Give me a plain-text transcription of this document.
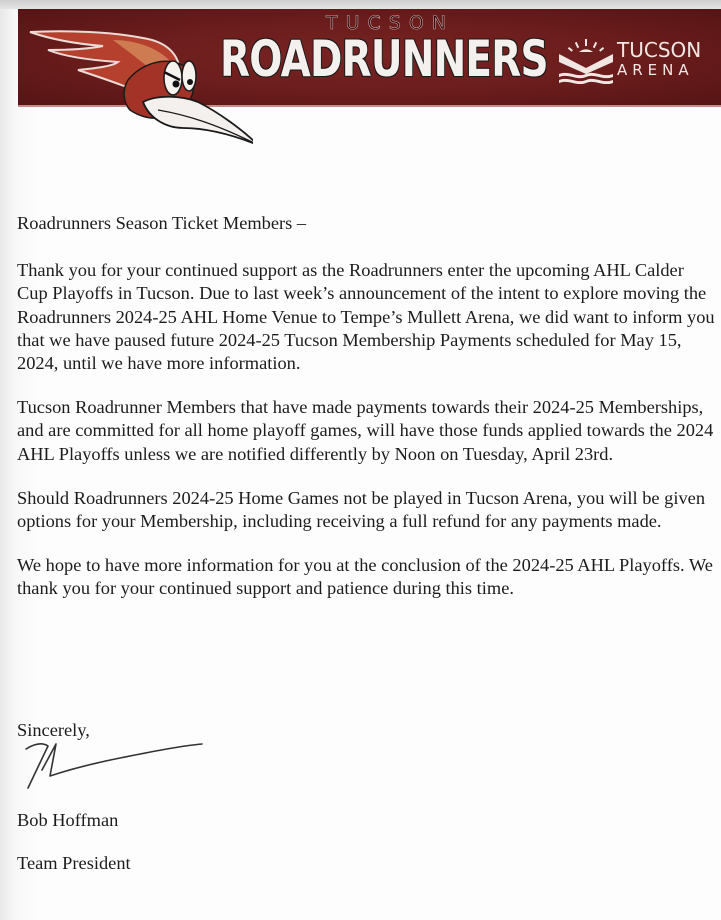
TUCSON
ROADRUNNERS	TUCSON
ARENA

Roadrunners Season Ticket Members –

Thank you for your continued support as the Roadrunners enter the upcoming AHL Calder Cup Playoffs in Tucson. Due to last week’s announcement of the intent to explore moving the Roadrunners 2024-25 AHL Home Venue to Tempe’s Mullett Arena, we did want to inform you that we have paused future 2024-25 Tucson Membership Payments scheduled for May 15, 2024, until we have more information.

Tucson Roadrunner Members that have made payments towards their 2024-25 Memberships, and are committed for all home playoff games, will have those funds applied towards the 2024 AHL Playoffs unless we are notified differently by Noon on Tuesday, April 23rd.

Should Roadrunners 2024-25 Home Games not be played in Tucson Arena, you will be given options for your Membership, including receiving a full refund for any payments made.

We hope to have more information for you at the conclusion of the 2024-25 AHL Playoffs. We thank you for your continued support and patience during this time.

Sincerely,
Bob Hoffman
Team President
